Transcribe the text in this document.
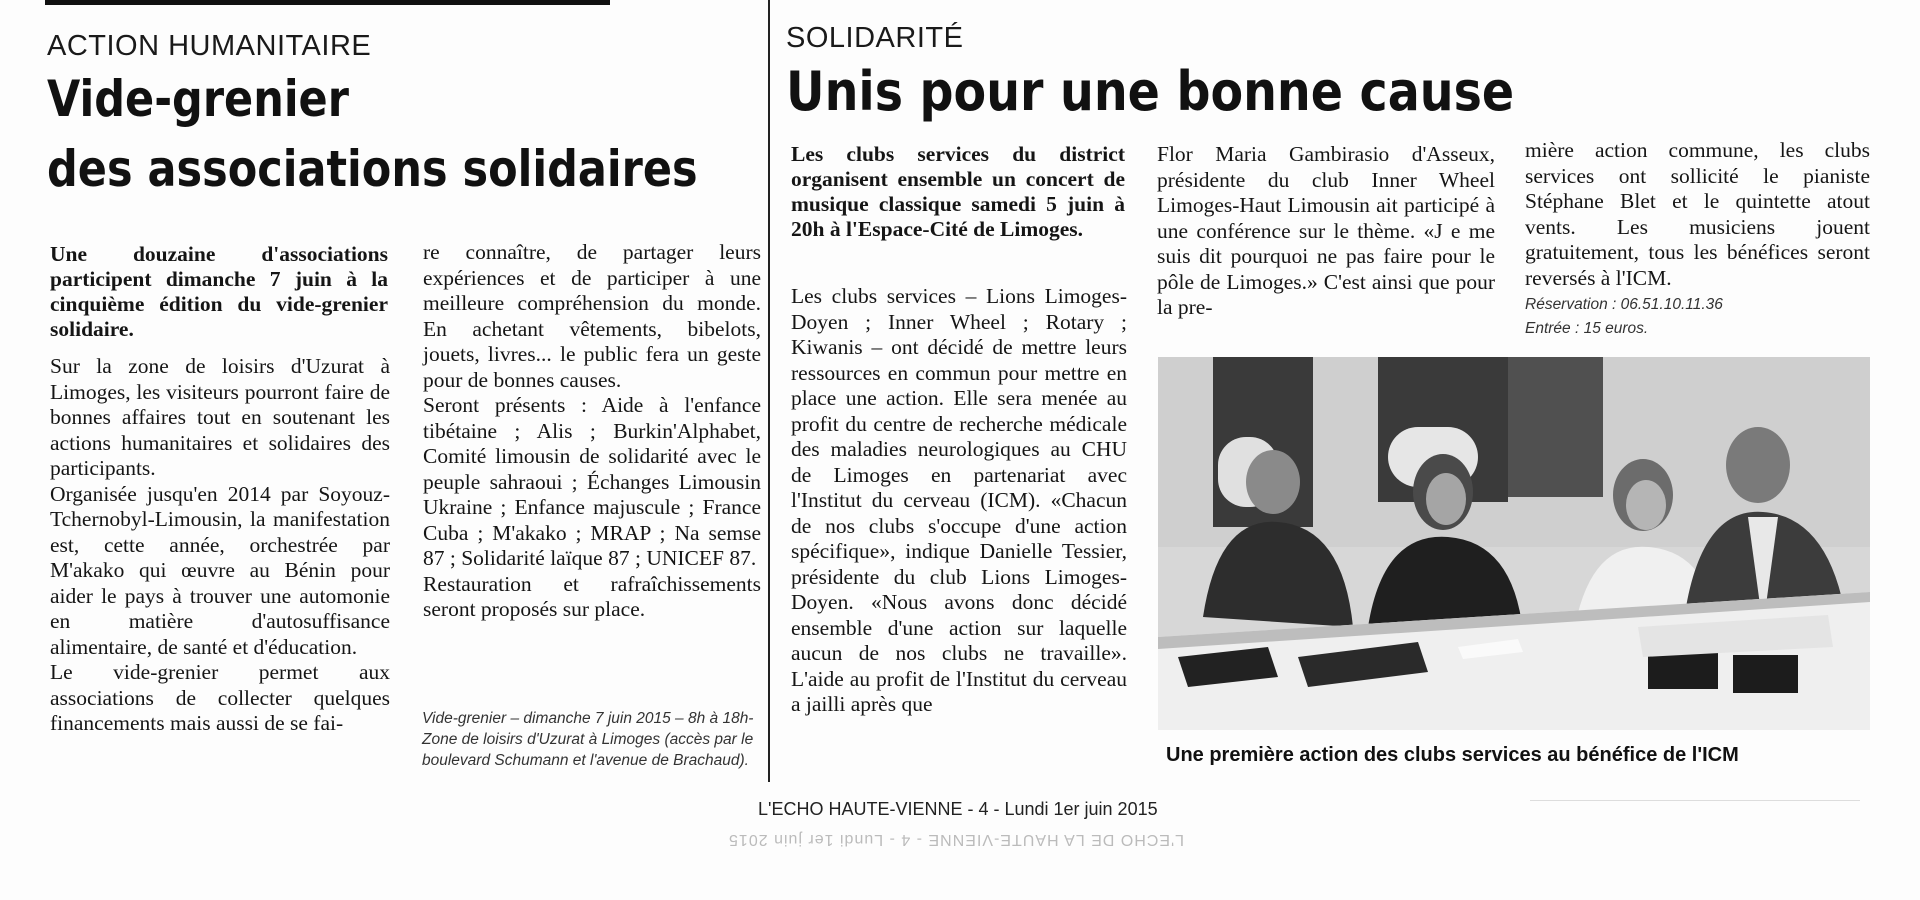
ACTION HUMANITAIRE
Vide-grenier
des associations solidaires
Une douzaine d'associations participent dimanche 7 juin à la cinquième édition du vide-grenier solidaire.

Sur la zone de loisirs d'Uzurat à Limoges, les visiteurs pourront faire de bonnes affaires tout en soutenant les actions humanitaires et solidaires des participants.

Organisée jusqu'en 2014 par Soyouz-Tchernobyl-Limousin, la manifestation est, cette année, orchestrée par M'akako qui œuvre au Bénin pour aider le pays à trouver une automonie en matière d'autosuffisance alimentaire, de santé et d'éducation.

Le vide-grenier permet aux associations de collecter quelques financements mais aussi de se fai-

re connaître, de partager leurs expériences et de participer à une meilleure compréhension du monde. En achetant vêtements, bibelots, jouets, livres... le public fera un geste pour de bonnes causes.

Seront présents : Aide à l'enfance tibétaine ; Alis ; Burkin'Alphabet, Comité limousin de solidarité avec le peuple sahraoui ; Échanges Limousin Ukraine ; Enfance majuscule ; France Cuba ; M'akako ; MRAP ; Na semse 87 ; Solidarité laïque 87 ; UNICEF 87.

Restauration et rafraîchissements seront proposés sur place.

Vide-grenier – dimanche 7 juin 2015 – 8h à 18h- Zone de loisirs d'Uzurat à Limoges (accès par le boulevard Schumann et l'avenue de Brachaud).
SOLIDARITÉ
Unis pour une bonne cause
Les clubs services du district organisent ensemble un concert de musique classique samedi 5 juin à 20h à l'Espace-Cité de Limoges.

Les clubs services – Lions Limoges-Doyen ; Inner Wheel ; Rotary ; Kiwanis – ont décidé de mettre leurs ressources en commun pour mettre en place une action. Elle sera menée au profit du centre de recherche médicale des maladies neurologiques au CHU de Limoges en partenariat avec l'Institut du cerveau (ICM). «Chacun de nos clubs s'occupe d'une action spécifique», indique Danielle Tessier, présidente du club Lions Limoges-Doyen. «Nous avons donc décidé ensemble d'une action sur laquelle aucun de nos clubs ne travaille». L'aide au profit de l'Institut du cerveau a jailli après que

Flor Maria Gambirasio d'Asseux, présidente du club Inner Wheel Limoges-Haut Limousin ait participé à une conférence sur le thème. «J e me suis dit pourquoi ne pas faire pour le pôle de Limoges.» C'est ainsi que pour la pre-

mière action commune, les clubs services ont sollicité le pianiste Stéphane Blet et le quintette atout vents. Les musiciens jouent gratuitement, tous les bénéfices seront reversés à l'ICM.

Réservation : 06.51.10.11.36
Entrée : 15 euros.
Une première action des clubs services au bénéfice de l'ICM
L'ECHO HAUTE-VIENNE - 4 - Lundi 1er juin 2015
L'ECHO DE LA HAUTE-VIENNE - 4 - Lundi 1er juin 2015
